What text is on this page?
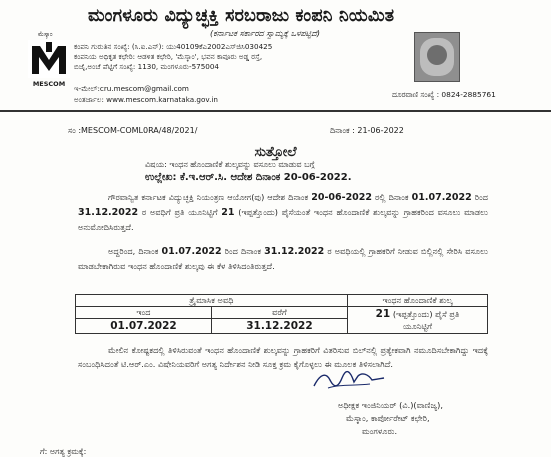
ಮೆಸ್ಕಾಂ
MESCOM
ಮಂಗಳೂರು ವಿದ್ಯುಚ್ಛಕ್ತಿ ಸರಬರಾಜು ಕಂಪನಿ ನಿಯಮಿತ
(ಕರ್ನಾಟಕ ಸರ್ಕಾರದ ಸ್ವಾಮ್ಯಕ್ಕೆ ಒಳಪಟ್ಟಿದೆ)
ಕಂಪನಿ ಗುರುತಿನ ಸಂಖ್ಯೆ: (ಸಿ.ಐ.ಎನ್): ಯು40109ಕೆಎ2002ಎಸ್‌ಜಿಸಿ030425
ಕಂಪನಿಯ ಅಧಿಕೃತ ಕಛೇರಿ: ಆಡಳಿತ ಕಛೇರಿ, 'ಮೆಸ್ಕಾಂ', ಭವನ ಕಾವೂರು ಅಡ್ಡ ರಸ್ತೆ,
ಬಿಜೈ,ಅಂಚೆ ಪೆಟ್ಟಿಗೆ ಸಂಖ್ಯೆ: 1130, ಮಂಗಳೂರು-575004
ಇ-ಮೇಲ್:cru.mescom@gmail.com
ಅಂತರ್ಜಾಲ: www.mescom.karnataka.gov.in
ದೂರವಾಣಿ ಸಂಖ್ಯೆ : 0824-2885761
ಸಂ :MESCOM-COML0RA/48/2021/	ದಿನಾಂಕ : 21-06-2022
ಸುತ್ತೋಲೆ
ವಿಷಯ: ಇಂಧನ ಹೊಂದಾಣಿಕೆ ಶುಲ್ಕವನ್ನು ವಸೂಲು ಮಾಡುವ ಬಗ್ಗೆ
ಉಲ್ಲೇಖ: ಕೆ.ಇ.ಆರ್.ಸಿ. ಆದೇಶ ದಿನಾಂಕ 20-06-2022.
ಗೌರವಾನ್ವಿತ ಕರ್ನಾಟಕ ವಿದ್ಯುಚ್ಛಕ್ತಿ ನಿಯಂತ್ರಣ ಆಯೋಗ(ವು) ಆದೇಶ ದಿನಾಂಕ 20-06-2022 ರಲ್ಲಿ ದಿನಾಂಕ 01.07.2022 ರಿಂದ 31.12.2022 ರ ಅವಧಿಗೆ ಪ್ರತಿ ಯೂನಿಟ್ಟಿಗೆ 21 (ಇಪ್ಪತ್ತೊಂದು) ಪೈಸೆಯಂತೆ ಇಂಧನ ಹೊಂದಾಣಿಕೆ ಶುಲ್ಕವನ್ನು ಗ್ರಾಹಕರಿಂದ ವಸೂಲು ಮಾಡಲು ಅನುಮೋದಿಸಿರುತ್ತದೆ.
ಅದ್ದರಿಂದ, ದಿನಾಂಕ 01.07.2022 ರಿಂದ ದಿನಾಂಕ 31.12.2022 ರ ಅವಧಿಯಲ್ಲಿ ಗ್ರಾಹಕರಿಗೆ ನೀಡುವ ಬಿಲ್ಲಿನಲ್ಲಿ ಸೇರಿಸಿ ವಸೂಲು ಮಾಡಬೇಕಾಗಿರುವ ಇಂಧನ ಹೊಂದಾಣಿಕೆ ಶುಲ್ಕವು ಈ ಕೆಳ ತಿಳಿಸಿದಂತಿರುತ್ತದೆ.
ತ್ರೈಮಾಸಿಕ ಅವಧಿ		ಇಂಧನ ಹೊಂದಾಣಿಕೆ ಶುಲ್ಕ
ಇಂದ	ವರೆಗೆ	21 (ಇಪ್ಪತ್ತೊಂದು) ಪೈಸೆ ಪ್ರತಿ
ಯೂನಿಟ್ಟಿಗೆ
01.07.2022	31.12.2022	
ಮೇಲಿನ ಕೋಷ್ಟಕದಲ್ಲಿ ತಿಳಿಸಿರುವಂತೆ ಇಂಧನ ಹೊಂದಾಣಿಕೆ ಶುಲ್ಕವನ್ನು ಗ್ರಾಹಕರಿಗೆ ವಿತರಿಸುವ ಬಿಲ್‌ನಲ್ಲಿ ಪ್ರತ್ಯೇಕವಾಗಿ ನಮೂದಿಸಬೇಕಾಗಿದ್ದು ಇದಕ್ಕೆ ಸಂಬಂಧಿಸಿದಂತೆ ಟಿ.ಆರ್.ಎಂ. ವಿಷೇನಿಯವರಿಗೆ ಅಗತ್ಯ ನಿರ್ದೇಶನ ನೀಡಿ ಸೂಕ್ತ ಕ್ರಮ ಕೈಗೊಳ್ಳಲು ಈ ಮೂಲಕ ತಿಳಿಸಲಾಗಿದೆ.
ಅಧೀಕ್ಷಕ ಇಂಜಿನಿಯರ್ (ವಿ.)(ವಾಣಿಜ್ಯ),
ಮೆಸ್ಕಾಂ, ಕಾರ್ಪೋರೇಟ್ ಕಛೇರಿ,
ಮಂಗಳೂರು.
ಗೆ: ಅಗತ್ಯ ಕ್ರಮಕ್ಕೆ:
